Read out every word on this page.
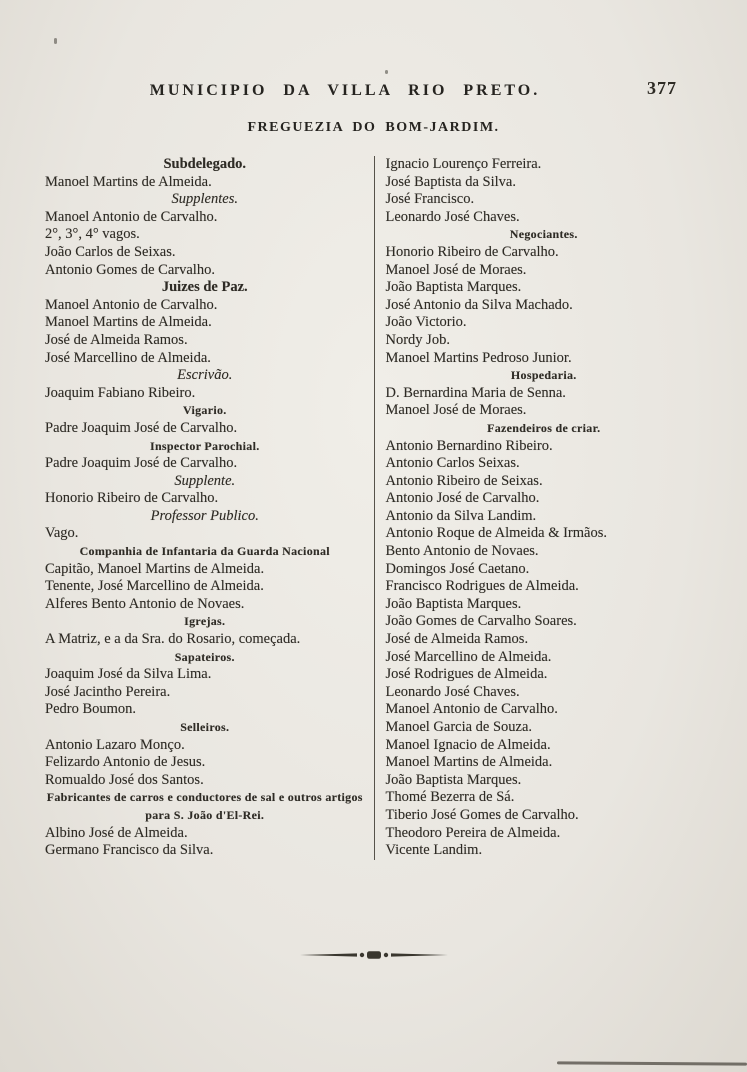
MUNICIPIO DA VILLA RIO PRETO.	377
FREGUEZIA DO BOM-JARDIM.
Subdelegado.
Manoel Martins de Almeida.
Supplentes.
Manoel Antonio de Carvalho.
2°, 3°, 4° vagos.
João Carlos de Seixas.
Antonio Gomes de Carvalho.
Juizes de Paz.
Manoel Antonio de Carvalho.
Manoel Martins de Almeida.
José de Almeida Ramos.
José Marcellino de Almeida.
Escrivão.
Joaquim Fabiano Ribeiro.
Vigario.
Padre Joaquim José de Carvalho.
Inspector Parochial.
Padre Joaquim José de Carvalho.
Supplente.
Honorio Ribeiro de Carvalho.
Professor Publico.
Vago.
Companhia de Infantaria da Guarda Nacional
Capitão, Manoel Martins de Almeida.
Tenente, José Marcellino de Almeida.
Alferes Bento Antonio de Novaes.
Igrejas.
A Matriz, e a da Sra. do Rosario, começada.
Sapateiros.
Joaquim José da Silva Lima.
José Jacintho Pereira.
Pedro Boumon.
Selleiros.
Antonio Lazaro Monço.
Felizardo Antonio de Jesus.
Romualdo José dos Santos.
Fabricantes de carros e conductores de sal e outros artigos para S. João d'El-Rei.
Albino José de Almeida.
Germano Francisco da Silva.
Ignacio Lourenço Ferreira.
José Baptista da Silva.
José Francisco.
Leonardo José Chaves.
Negociantes.
Honorio Ribeiro de Carvalho.
Manoel José de Moraes.
João Baptista Marques.
José Antonio da Silva Machado.
João Victorio.
Nordy Job.
Manoel Martins Pedroso Junior.
Hospedaria.
D. Bernardina Maria de Senna.
Manoel José de Moraes.
Fazendeiros de criar.
Antonio Bernardino Ribeiro.
Antonio Carlos Seixas.
Antonio Ribeiro de Seixas.
Antonio José de Carvalho.
Antonio da Silva Landim.
Antonio Roque de Almeida & Irmãos.
Bento Antonio de Novaes.
Domingos José Caetano.
Francisco Rodrigues de Almeida.
João Baptista Marques.
João Gomes de Carvalho Soares.
José de Almeida Ramos.
José Marcellino de Almeida.
José Rodrigues de Almeida.
Leonardo José Chaves.
Manoel Antonio de Carvalho.
Manoel Garcia de Souza.
Manoel Ignacio de Almeida.
Manoel Martins de Almeida.
João Baptista Marques.
Thomé Bezerra de Sá.
Tiberio José Gomes de Carvalho.
Theodoro Pereira de Almeida.
Vicente Landim.
